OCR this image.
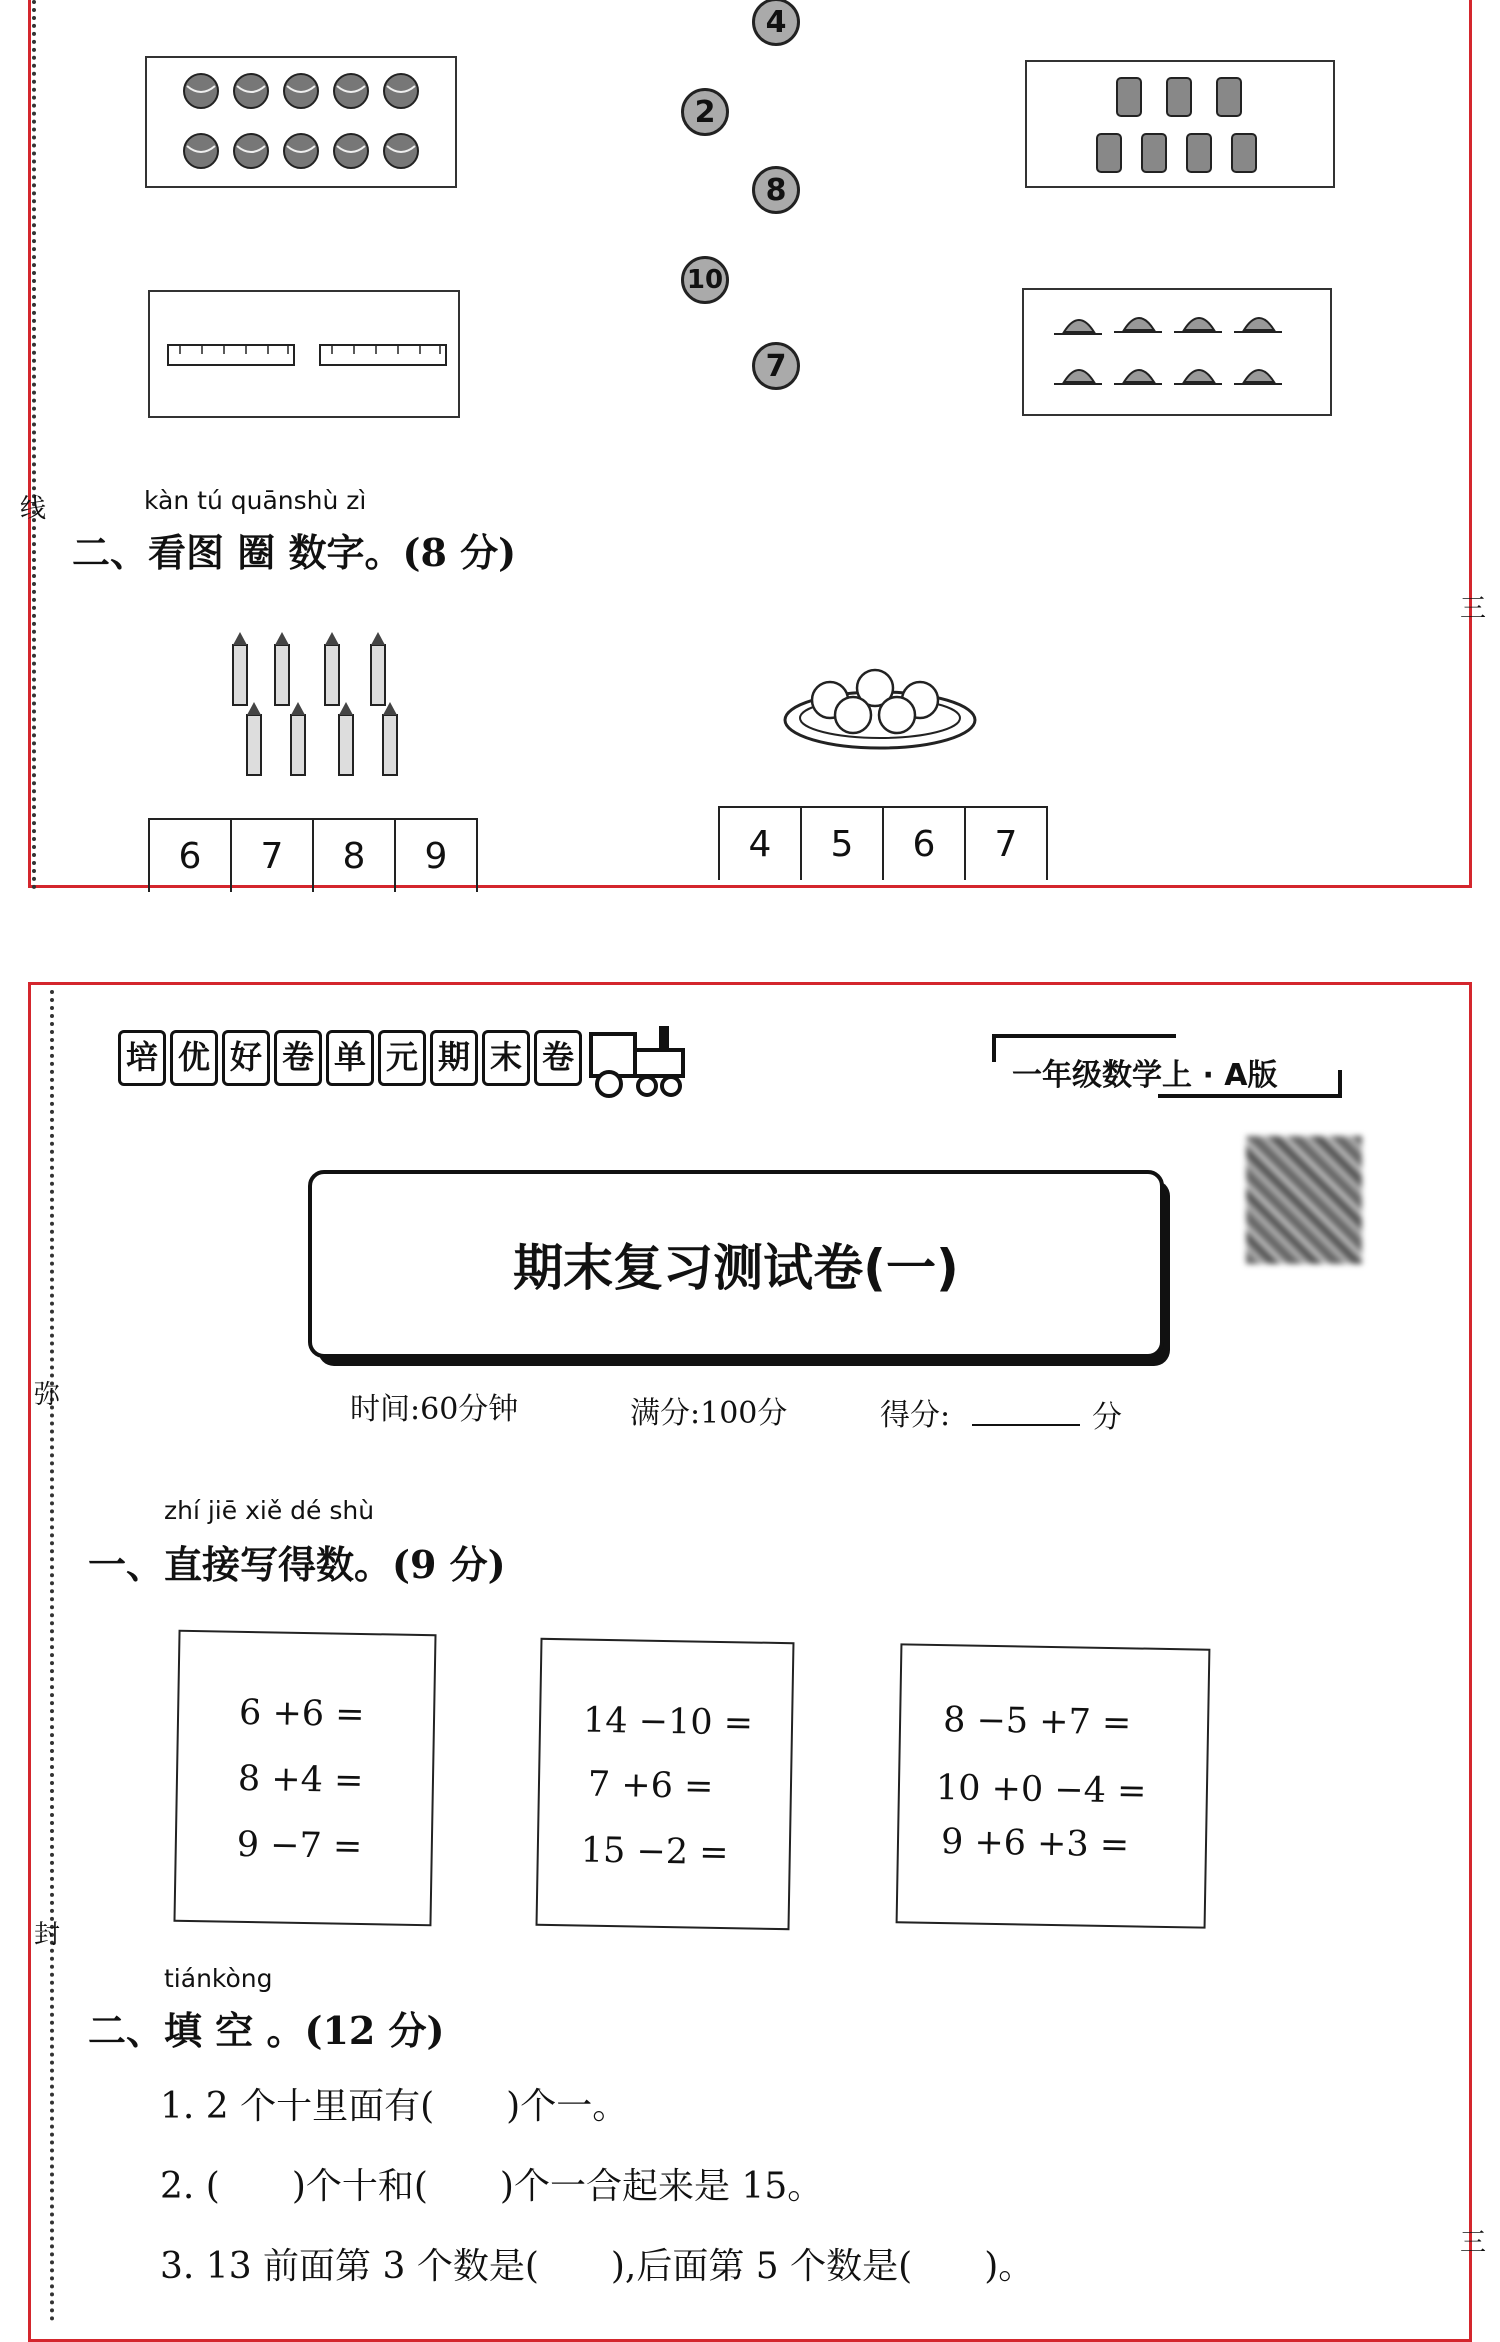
线
三
4
2
8
10
7
kàn tú quānshù zì
二、看图 圈 数字。(8 分)
6	7	8	9	4	5	6	7
弥
封
三
培 优 好 卷 单 元 期 末 卷	一年级数学上 · A版
期末复习测试卷(一)
时间:60分钟	满分:100分	得分:	分
zhí jiē xiě dé shù
一、直接写得数。(9 分)
6 +6 =
8 +4 =
9 −7 =
14 −10 =
7 +6 =
15 −2 =
8 −5 +7 =
10 +0 −4 =
9 +6 +3 =
tiánkòng
二、填 空 。(12 分)
1. 2 个十里面有(　　)个一。
2. (　　)个十和(　　)个一合起来是 15。
3. 13 前面第 3 个数是(　　),后面第 5 个数是(　　)。
